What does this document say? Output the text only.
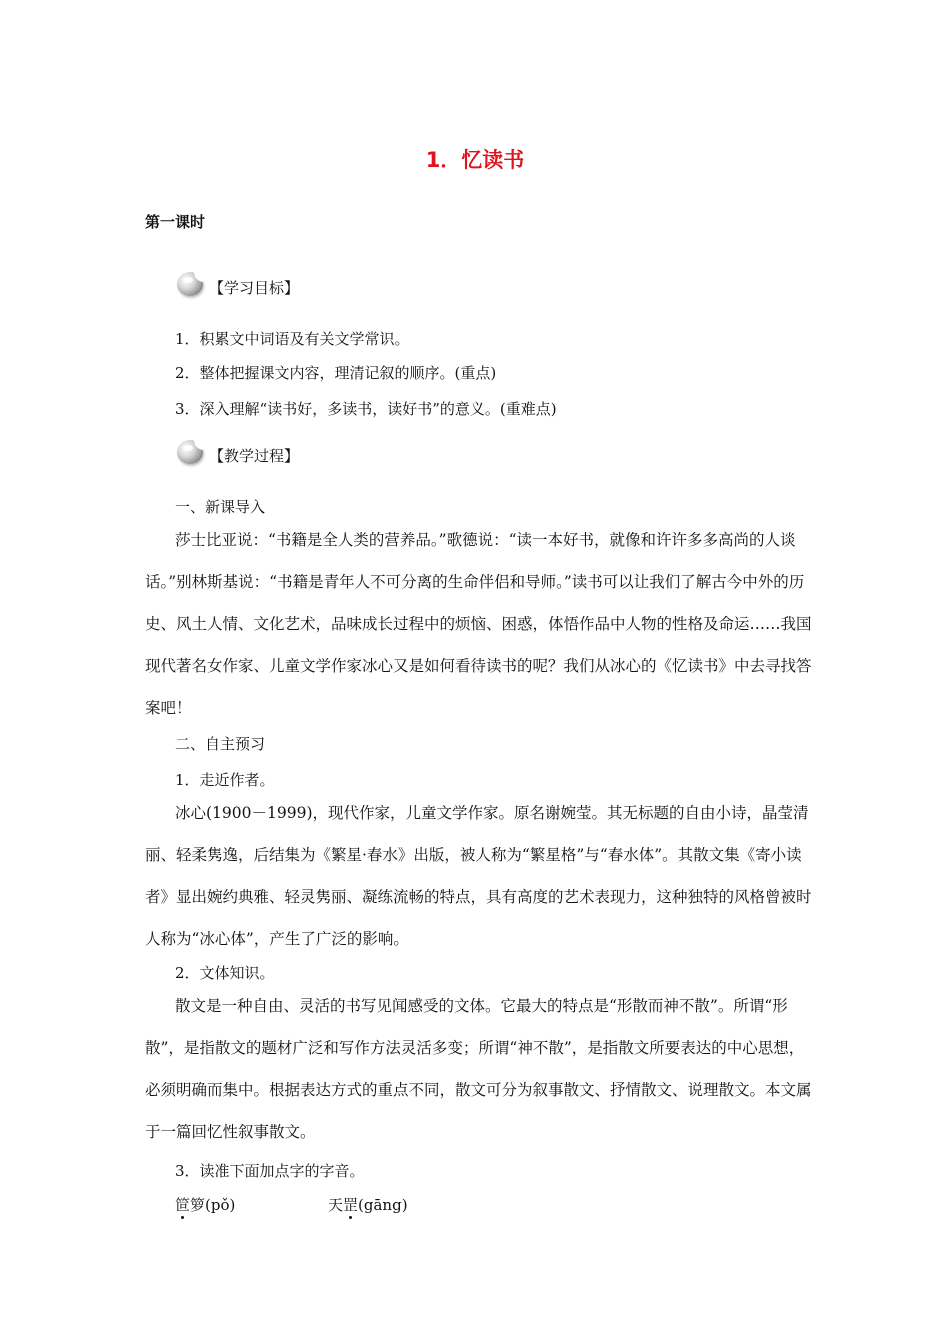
1．忆读书
第一课时
【学习目标】
1．积累文中词语及有关文学常识。
2．整体把握课文内容，理清记叙的顺序。(重点)
3．深入理解“读书好，多读书，读好书”的意义。(重难点)
【教学过程】
一、新课导入

莎士比亚说：“书籍是全人类的营养品。”歌德说：“读一本好书，就像和许许多多高尚的人谈话。”别林斯基说：“书籍是青年人不可分离的生命伴侣和导师。”读书可以让我们了解古今中外的历史、风土人情、文化艺术，品味成长过程中的烦恼、困惑，体悟作品中人物的性格及命运……我国现代著名女作家、儿童文学作家冰心又是如何看待读书的呢？我们从冰心的《忆读书》中去寻找答案吧！

二、自主预习
1．走近作者。

冰心(1900－1999)，现代作家，儿童文学作家。原名谢婉莹。其无标题的自由小诗，晶莹清丽、轻柔隽逸，后结集为《繁星·春水》出版，被人称为“繁星格”与“春水体”。其散文集《寄小读者》显出婉约典雅、轻灵隽丽、凝练流畅的特点，具有高度的艺术表现力，这种独特的风格曾被时人称为“冰心体”，产生了广泛的影响。

2．文体知识。

散文是一种自由、灵活的书写见闻感受的文体。它最大的特点是“形散而神不散”。所谓“形散”，是指散文的题材广泛和写作方法灵活多变；所谓“神不散”，是指散文所要表达的中心思想，必须明确而集中。根据表达方式的重点不同，散文可分为叙事散文、抒情散文、说理散文。本文属于一篇回忆性叙事散文。

3．读准下面加点字的字音。
笸箩(pǒ)	天罡(gāng)
